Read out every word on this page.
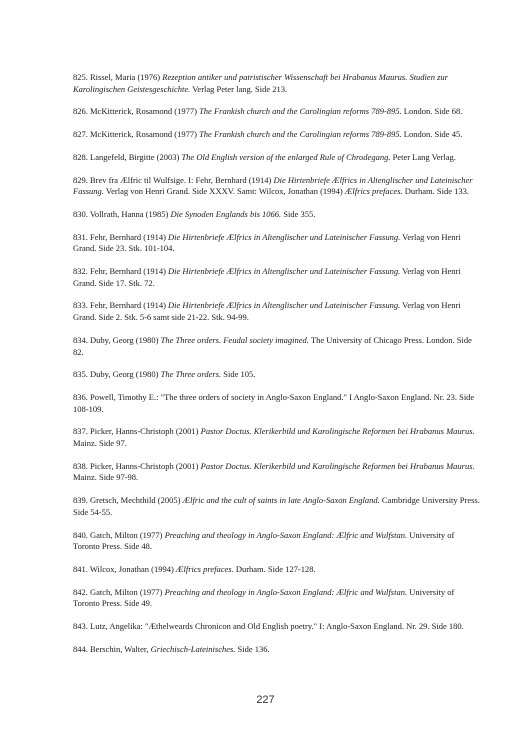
825. Rissel, Maria (1976) Rezeption antiker und patristischer Wissenschaft bei Hrabanus Maurus. Studien zur Karolingischen Geistesgeschichte. Verlag Peter lang. Side 213.
826. McKitterick, Rosamond (1977) The Frankish church and the Carolingian reforms 789-895. London. Side 68.
827. McKitterick, Rosamond (1977) The Frankish church and the Carolingian reforms 789-895. London. Side 45.
828. Langefeld, Birgitte (2003) The Old English version of the enlarged Rule of Chrodegang. Peter Lang Verlag.
829. Brev fra Ælfric til Wulfsige. I: Fehr, Bernhard (1914) Die Hirtenbriefe Ælfrics in Altenglischer und Lateinischer Fassung. Verlag von Henri Grand. Side XXXV. Samt: Wilcox, Jonathan (1994) Ælfrics prefaces. Durham. Side 133.
830. Vollrath, Hanna (1985) Die Synoden Englands bis 1066. Side 355.
831. Fehr, Bernhard (1914) Die Hirtenbriefe Ælfrics in Altenglischer und Lateinischer Fassung. Verlag von Henri Grand. Side 23. Stk. 101-104.
832. Fehr, Bernhard (1914) Die Hirtenbriefe Ælfrics in Altenglischer und Lateinischer Fassung. Verlag von Henri Grand. Side 17. Stk. 72.
833. Fehr, Bernhard (1914) Die Hirtenbriefe Ælfrics in Altenglischer und Lateinischer Fassung. Verlag von Henri Grand. Side 2. Stk. 5-6 samt side 21-22. Stk. 94-99.
834. Duby, Georg (1980) The Three orders. Feudal society imagined. The University of Chicago Press. London. Side 82.
835. Duby, Georg (1980) The Three orders. Side 105.
836. Powell, Timothy E.: "The three orders of society in Anglo-Saxon England." I Anglo-Saxon England. Nr. 23. Side 108-109.
837. Picker, Hanns-Christoph (2001) Pastor Doctus. Klerikerbild und Karolingische Reformen bei Hrabanus Maurus. Mainz. Side 97.
838. Picker, Hanns-Christoph (2001) Pastor Doctus. Klerikerbild und Karolingische Reformen bei Hrabanus Maurus. Mainz. Side 97-98.
839. Gretsch, Mechthild (2005) Ælfric and the cult of saints in late Anglo-Saxon England. Cambridge University Press. Side 54-55.
840. Gatch, Milton (1977) Preaching and theology in Anglo-Saxon England: Ælfric and Wulfstan. University of Toronto Press. Side 48.
841. Wilcox, Jonathan (1994) Ælfrics prefaces. Durham. Side 127-128.
842. Gatch, Milton (1977) Preaching and theology in Anglo-Saxon England: Ælfric and Wulfstan. University of Toronto Press. Side 49.
843. Lutz, Angelika: "Æthelweards Chronicon and Old English poetry." I: Anglo-Saxon England. Nr. 29. Side 180.
844. Berschin, Walter, Griechisch-Lateinisches. Side 136.
227
